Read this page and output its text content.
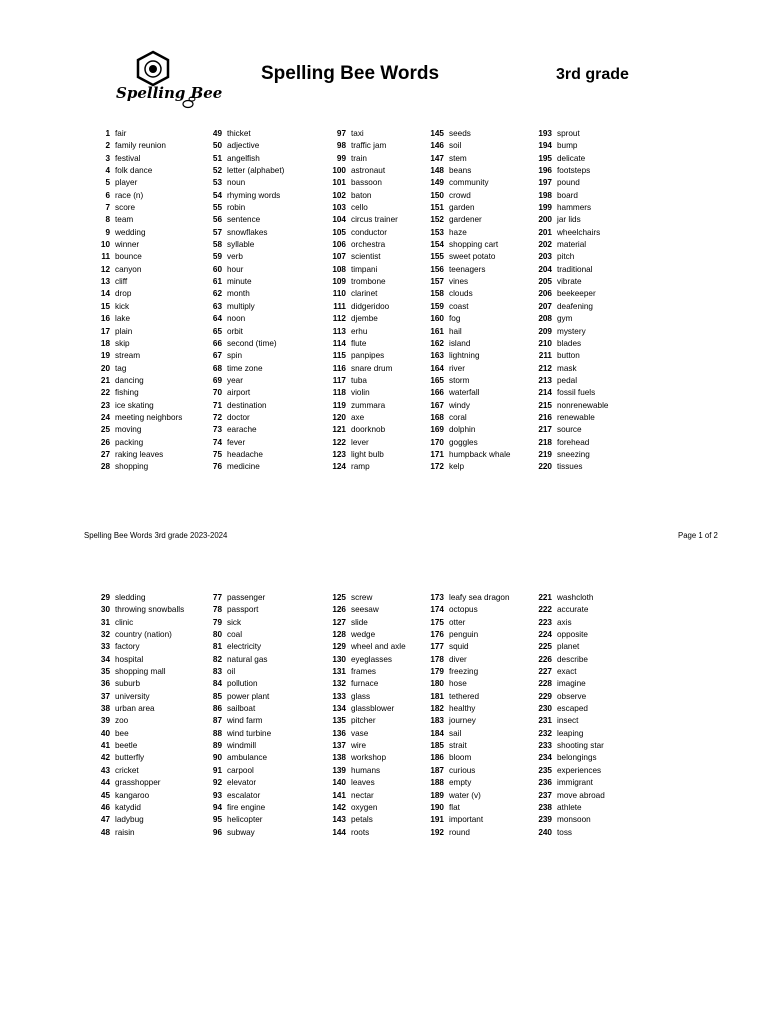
Spelling Bee
Spelling Bee Words	3rd grade
1 fair
2 family reunion
3 festival
4 folk dance
5 player
6 race (n)
7 score
8 team
9 wedding
10 winner
11 bounce
12 canyon
13 cliff
14 drop
15 kick
16 lake
17 plain
18 skip
19 stream
20 tag
21 dancing
22 fishing
23 ice skating
24 meeting neighbors
25 moving
26 packing
27 raking leaves
28 shopping
49 thicket
50 adjective
51 angelfish
52 letter (alphabet)
53 noun
54 rhyming words
55 robin
56 sentence
57 snowflakes
58 syllable
59 verb
60 hour
61 minute
62 month
63 multiply
64 noon
65 orbit
66 second (time)
67 spin
68 time zone
69 year
70 airport
71 destination
72 doctor
73 earache
74 fever
75 headache
76 medicine
97 taxi
98 traffic jam
99 train
100 astronaut
101 bassoon
102 baton
103 cello
104 circus trainer
105 conductor
106 orchestra
107 scientist
108 timpani
109 trombone
110 clarinet
111 didgeridoo
112 djembe
113 erhu
114 flute
115 panpipes
116 snare drum
117 tuba
118 violin
119 zummara
120 axe
121 doorknob
122 lever
123 light bulb
124 ramp
145 seeds
146 soil
147 stem
148 beans
149 community
150 crowd
151 garden
152 gardener
153 haze
154 shopping cart
155 sweet potato
156 teenagers
157 vines
158 clouds
159 coast
160 fog
161 hail
162 island
163 lightning
164 river
165 storm
166 waterfall
167 windy
168 coral
169 dolphin
170 goggles
171 humpback whale
172 kelp
193 sprout
194 bump
195 delicate
196 footsteps
197 pound
198 board
199 hammers
200 jar lids
201 wheelchairs
202 material
203 pitch
204 traditional
205 vibrate
206 beekeeper
207 deafening
208 gym
209 mystery
210 blades
211 button
212 mask
213 pedal
214 fossil fuels
215 nonrenewable
216 renewable
217 source
218 forehead
219 sneezing
220 tissues
29 sledding
30 throwing snowballs
31 clinic
32 country (nation)
33 factory
34 hospital
35 shopping mall
36 suburb
37 university
38 urban area
39 zoo
40 bee
41 beetle
42 butterfly
43 cricket
44 grasshopper
45 kangaroo
46 katydid
47 ladybug
48 raisin
77 passenger
78 passport
79 sick
80 coal
81 electricity
82 natural gas
83 oil
84 pollution
85 power plant
86 sailboat
87 wind farm
88 wind turbine
89 windmill
90 ambulance
91 carpool
92 elevator
93 escalator
94 fire engine
95 helicopter
96 subway
125 screw
126 seesaw
127 slide
128 wedge
129 wheel and axle
130 eyeglasses
131 frames
132 furnace
133 glass
134 glassblower
135 pitcher
136 vase
137 wire
138 workshop
139 humans
140 leaves
141 nectar
142 oxygen
143 petals
144 roots
173 leafy sea dragon
174 octopus
175 otter
176 penguin
177 squid
178 diver
179 freezing
180 hose
181 tethered
182 healthy
183 journey
184 sail
185 strait
186 bloom
187 curious
188 empty
189 water (v)
190 flat
191 important
192 round
221 washcloth
222 accurate
223 axis
224 opposite
225 planet
226 describe
227 exact
228 imagine
229 observe
230 escaped
231 insect
232 leaping
233 shooting star
234 belongings
235 experiences
236 immigrant
237 move abroad
238 athlete
239 monsoon
240 toss
Spelling Bee Words 3rd grade 2023-2024	Page 1 of 2
